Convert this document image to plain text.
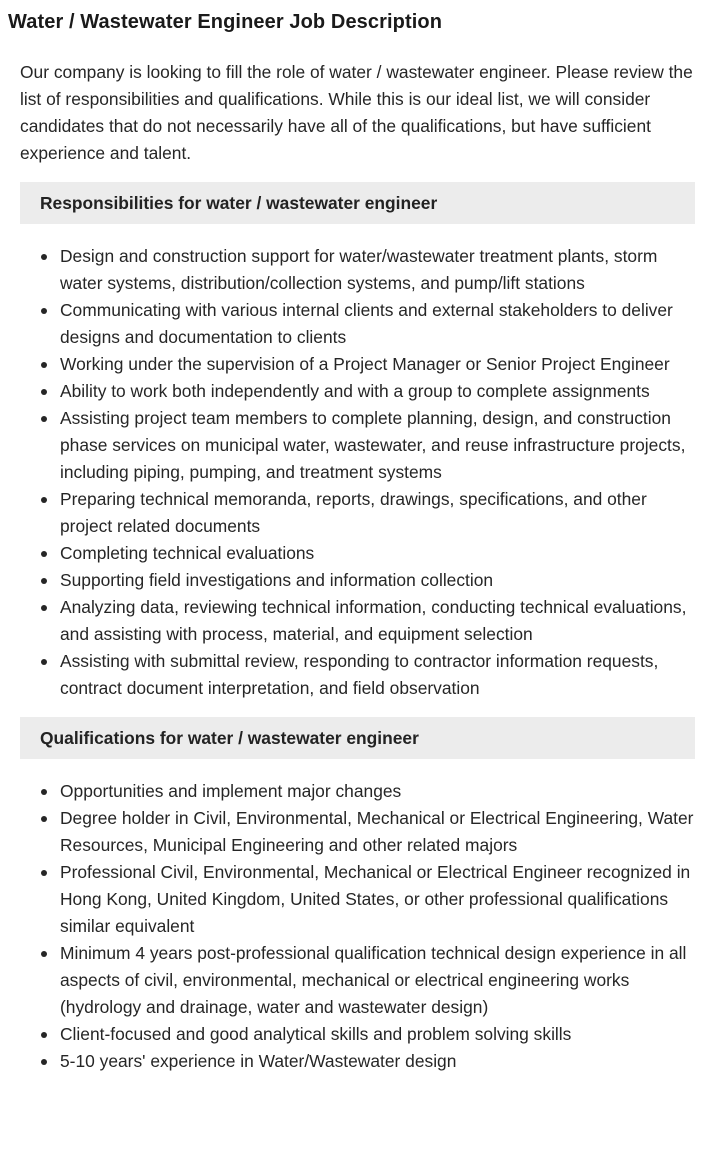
Water / Wastewater Engineer Job Description

Our company is looking to fill the role of water / wastewater engineer. Please review the list of responsibilities and qualifications. While this is our ideal list, we will consider candidates that do not necessarily have all of the qualifications, but have sufficient experience and talent.

Responsibilities for water / wastewater engineer
Design and construction support for water/wastewater treatment plants, storm water systems, distribution/collection systems, and pump/lift stations
Communicating with various internal clients and external stakeholders to deliver designs and documentation to clients
Working under the supervision of a Project Manager or Senior Project Engineer
Ability to work both independently and with a group to complete assignments
Assisting project team members to complete planning, design, and construction phase services on municipal water, wastewater, and reuse infrastructure projects, including piping, pumping, and treatment systems
Preparing technical memoranda, reports, drawings, specifications, and other project related documents
Completing technical evaluations
Supporting field investigations and information collection
Analyzing data, reviewing technical information, conducting technical evaluations, and assisting with process, material, and equipment selection
Assisting with submittal review, responding to contractor information requests, contract document interpretation, and field observation
Qualifications for water / wastewater engineer
Opportunities and implement major changes
Degree holder in Civil, Environmental, Mechanical or Electrical Engineering, Water Resources, Municipal Engineering and other related majors
Professional Civil, Environmental, Mechanical or Electrical Engineer recognized in Hong Kong, United Kingdom, United States, or other professional qualifications similar equivalent
Minimum 4 years post-professional qualification technical design experience in all aspects of civil, environmental, mechanical or electrical engineering works (hydrology and drainage, water and wastewater design)
Client-focused and good analytical skills and problem solving skills
5-10 years' experience in Water/Wastewater design
